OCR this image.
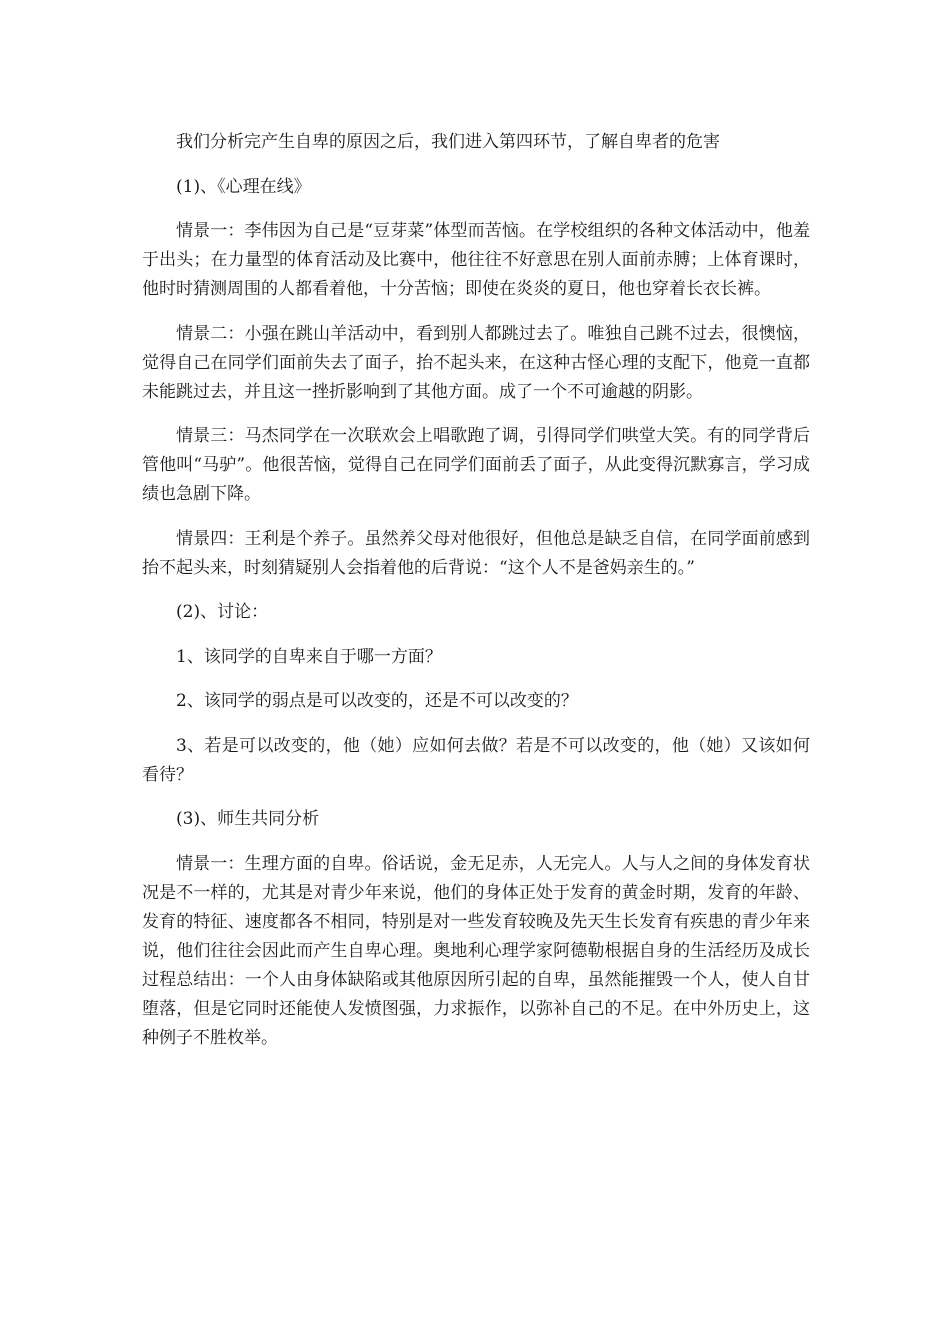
我们分析完产生自卑的原因之后，我们进入第四环节，了解自卑者的危害

(1)、《心理在线》

情景一：李伟因为自己是“豆芽菜”体型而苦恼。在学校组织的各种文体活动中，他羞于出头；在力量型的体育活动及比赛中，他往往不好意思在别人面前赤膊；上体育课时，他时时猜测周围的人都看着他，十分苦恼；即使在炎炎的夏日，他也穿着长衣长裤。

情景二：小强在跳山羊活动中，看到别人都跳过去了。唯独自己跳不过去，很懊恼，觉得自己在同学们面前失去了面子，抬不起头来，在这种古怪心理的支配下，他竟一直都未能跳过去，并且这一挫折影响到了其他方面。成了一个不可逾越的阴影。

情景三：马杰同学在一次联欢会上唱歌跑了调，引得同学们哄堂大笑。有的同学背后管他叫“马驴”。他很苦恼，觉得自己在同学们面前丢了面子，从此变得沉默寡言，学习成绩也急剧下降。

情景四：王利是个养子。虽然养父母对他很好，但他总是缺乏自信，在同学面前感到抬不起头来，时刻猜疑别人会指着他的后背说：“这个人不是爸妈亲生的。”

(2)、讨论：

1、该同学的自卑来自于哪一方面？

2、该同学的弱点是可以改变的，还是不可以改变的？

3、若是可以改变的，他（她）应如何去做？若是不可以改变的，他（她）又该如何看待？

(3)、师生共同分析

情景一：生理方面的自卑。俗话说，金无足赤，人无完人。人与人之间的身体发育状况是不一样的，尤其是对青少年来说，他们的身体正处于发育的黄金时期，发育的年龄、发育的特征、速度都各不相同，特别是对一些发育较晚及先天生长发育有疾患的青少年来说，他们往往会因此而产生自卑心理。奥地利心理学家阿德勒根据自身的生活经历及成长过程总结出：一个人由身体缺陷或其他原因所引起的自卑，虽然能摧毁一个人，使人自甘堕落，但是它同时还能使人发愤图强，力求振作，以弥补自己的不足。在中外历史上，这种例子不胜枚举。
